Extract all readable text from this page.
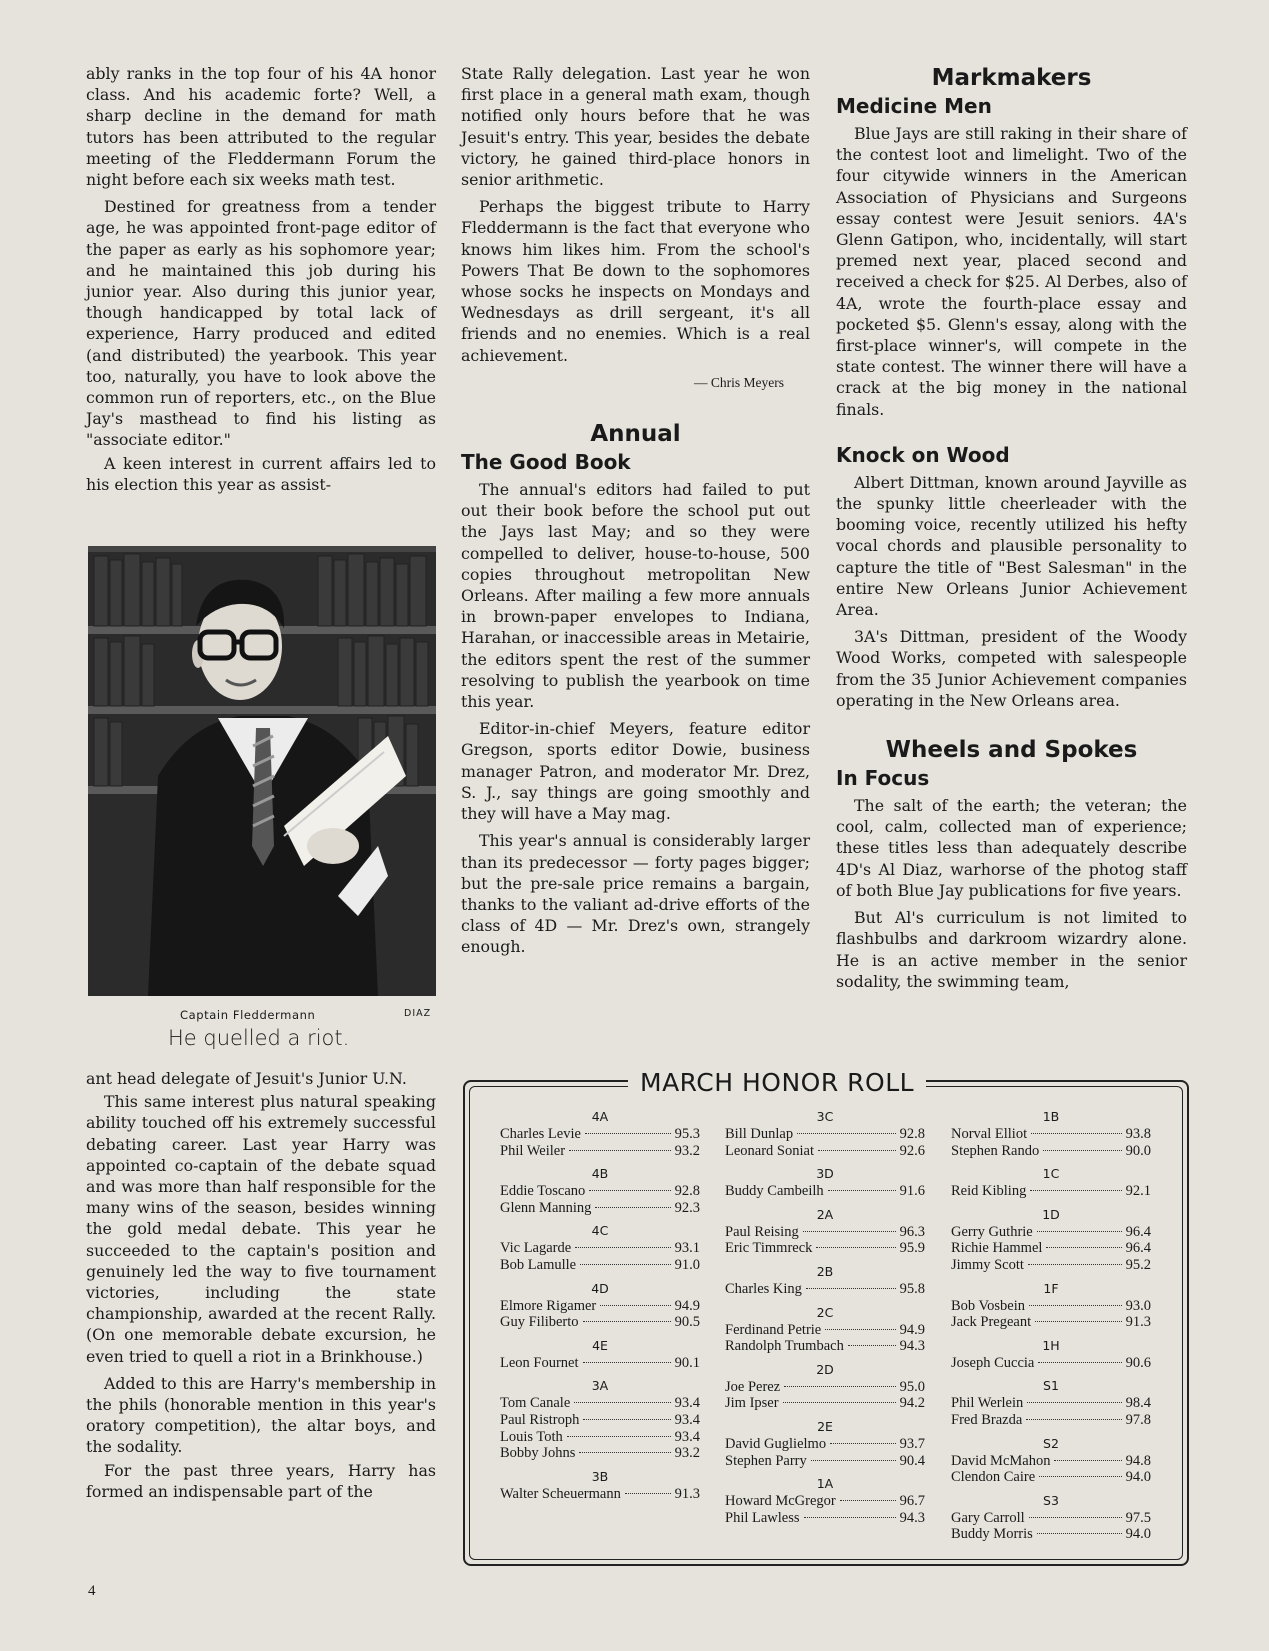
ably ranks in the top four of his 4A honor class. And his academic forte? Well, a sharp decline in the demand for math tutors has been attributed to the regular meeting of the Fleddermann Forum the night before each six weeks math test.

Destined for greatness from a tender age, he was appointed front-page editor of the paper as early as his sophomore year; and he maintained this job during his junior year. Also during this junior year, though handicapped by total lack of experience, Harry produced and edited (and distributed) the yearbook. This year too, naturally, you have to look above the common run of reporters, etc., on the Blue Jay's masthead to find his listing as "associate editor."

A keen interest in current affairs led to his election this year as assist-

Captain Fleddermann	DIAZ
He quelled a riot.

ant head delegate of Jesuit's Junior U.N.

This same interest plus natural speaking ability touched off his extremely successful debating career. Last year Harry was appointed co-captain of the debate squad and was more than half responsible for the many wins of the season, besides winning the gold medal debate. This year he succeeded to the captain's position and genuinely led the way to five tournament victories, including the state championship, awarded at the recent Rally. (On one memorable debate excursion, he even tried to quell a riot in a Brinkhouse.)

Added to this are Harry's membership in the phils (honorable mention in this year's oratory competition), the altar boys, and the sodality.

For the past three years, Harry has formed an indispensable part of the

State Rally delegation. Last year he won first place in a general math exam, though notified only hours before that he was Jesuit's entry. This year, besides the debate victory, he gained third-place honors in senior arithmetic.

Perhaps the biggest tribute to Harry Fleddermann is the fact that everyone who knows him likes him. From the school's Powers That Be down to the sophomores whose socks he inspects on Mondays and Wednesdays as drill sergeant, it's all friends and no enemies. Which is a real achievement.

— Chris Meyers
Annual
The Good Book

The annual's editors had failed to put out their book before the school put out the Jays last May; and so they were compelled to deliver, house-to-house, 500 copies throughout metropolitan New Orleans. After mailing a few more annuals in brown-paper envelopes to Indiana, Harahan, or inaccessible areas in Metairie, the editors spent the rest of the summer resolving to publish the yearbook on time this year.

Editor-in-chief Meyers, feature editor Gregson, sports editor Dowie, business manager Patron, and moderator Mr. Drez, S. J., say things are going smoothly and they will have a May mag.

This year's annual is considerably larger than its predecessor — forty pages bigger; but the pre-sale price remains a bargain, thanks to the valiant ad-drive efforts of the class of 4D — Mr. Drez's own, strangely enough.

Markmakers
Medicine Men

Blue Jays are still raking in their share of the contest loot and limelight. Two of the four citywide winners in the American Association of Physicians and Surgeons essay contest were Jesuit seniors. 4A's Glenn Gatipon, who, incidentally, will start premed next year, placed second and received a check for $25. Al Derbes, also of 4A, wrote the fourth-place essay and pocketed $5. Glenn's essay, along with the first-place winner's, will compete in the state contest. The winner there will have a crack at the big money in the national finals.

Knock on Wood

Albert Dittman, known around Jayville as the spunky little cheerleader with the booming voice, recently utilized his hefty vocal chords and plausible personality to capture the title of "Best Salesman" in the entire New Orleans Junior Achievement Area.

3A's Dittman, president of the Woody Wood Works, competed with salespeople from the 35 Junior Achievement companies operating in the New Orleans area.

Wheels and Spokes
In Focus

The salt of the earth; the veteran; the cool, calm, collected man of experience; these titles less than adequately describe 4D's Al Diaz, warhorse of the photog staff of both Blue Jay publications for five years.

But Al's curriculum is not limited to flashbulbs and darkroom wizardry alone. He is an active member in the senior sodality, the swimming team,

MARCH HONOR ROLL
4A
Charles Levie	95.3
Phil Weiler	93.2
4B
Eddie Toscano	92.8
Glenn Manning	92.3
4C
Vic Lagarde	93.1
Bob Lamulle	91.0
4D
Elmore Rigamer	94.9
Guy Filiberto	90.5
4E
Leon Fournet	90.1
3A
Tom Canale	93.4
Paul Ristroph	93.4
Louis Toth	93.4
Bobby Johns	93.2
3B
Walter Scheuermann	91.3
3C
Bill Dunlap	92.8
Leonard Soniat	92.6
3D
Buddy Cambeilh	91.6
2A
Paul Reising	96.3
Eric Timmreck	95.9
2B
Charles King	95.8
2C
Ferdinand Petrie	94.9
Randolph Trumbach	94.3
2D
Joe Perez	95.0
Jim Ipser	94.2
2E
David Guglielmo	93.7
Stephen Parry	90.4
1A
Howard McGregor	96.7
Phil Lawless	94.3
1B
Norval Elliot	93.8
Stephen Rando	90.0
1C
Reid Kibling	92.1
1D
Gerry Guthrie	96.4
Richie Hammel	96.4
Jimmy Scott	95.2
1F
Bob Vosbein	93.0
Jack Pregeant	91.3
1H
Joseph Cuccia	90.6
S1
Phil Werlein	98.4
Fred Brazda	97.8
S2
David McMahon	94.8
Clendon Caire	94.0
S3
Gary Carroll	97.5
Buddy Morris	94.0
4
